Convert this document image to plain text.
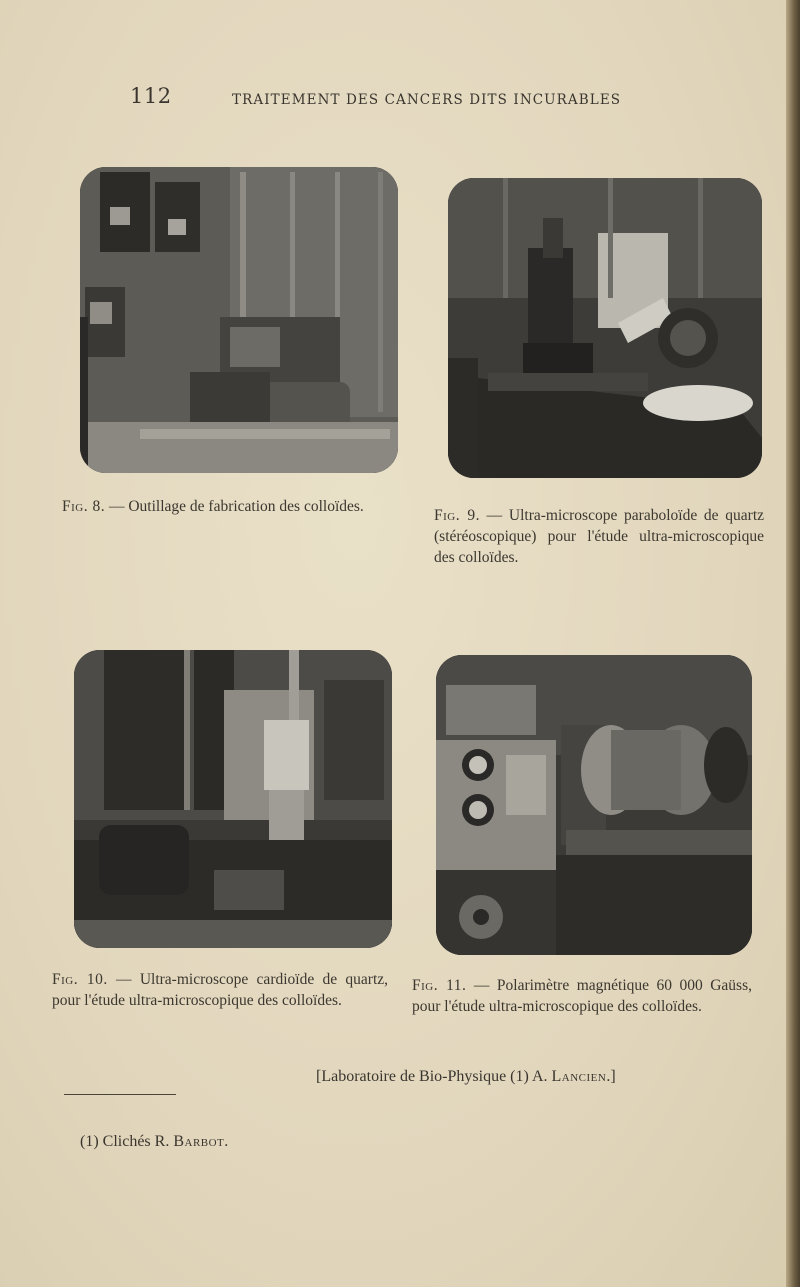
112	TRAITEMENT DES CANCERS DITS INCURABLES
Fig. 8. — Outillage de fabrication des colloïdes.
Fig. 9. — Ultra-microscope paraboloïde de quartz (stéréoscopique) pour l'étude ultra-microscopique des colloïdes.
Fig. 10. — Ultra-microscope cardioïde de quartz, pour l'étude ultra-microscopique des colloïdes.
Fig. 11. — Polarimètre magnétique 60 000 Gaüss, pour l'étude ultra-microscopique des colloïdes.
[Laboratoire de Bio-Physique (1) A. Lancien.]
(1) Clichés R. Barbot.
